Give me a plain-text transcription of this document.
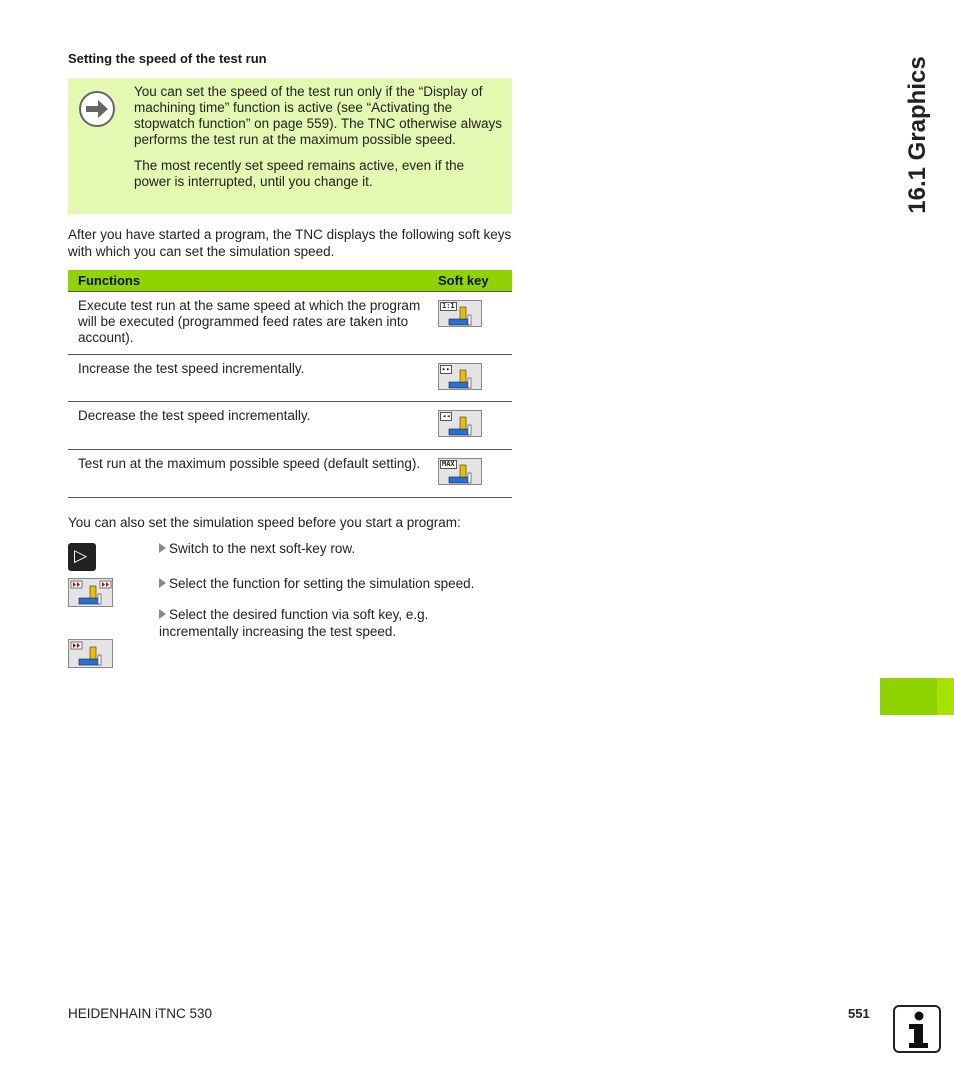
Setting the speed of the test run

You can set the speed of the test run only if the “Display of machining time” function is active (see “Activating the stopwatch function” on page 559). The TNC otherwise always performs the test run at the maximum possible speed.

The most recently set speed remains active, even if the power is interrupted, until you change it.

After you have started a program, the TNC displays the following soft keys with which you can set the simulation speed.
Functions	Soft key
Execute test run at the same speed at which the program will be executed (programmed feed rates are taken into account).	1:1

Increase the test speed incrementally.	▸▸

Decrease the test speed incrementally.	◂◂

Test run at the maximum possible speed (default setting).	MAX
You can also set the simulation speed before you start a program:
▷	Switch to the next soft-key row.
Select the function for setting the simulation speed.
Select the desired function via soft key, e.g. incrementally increasing the test speed.
16.1 Graphics
HEIDENHAIN iTNC 530	551
